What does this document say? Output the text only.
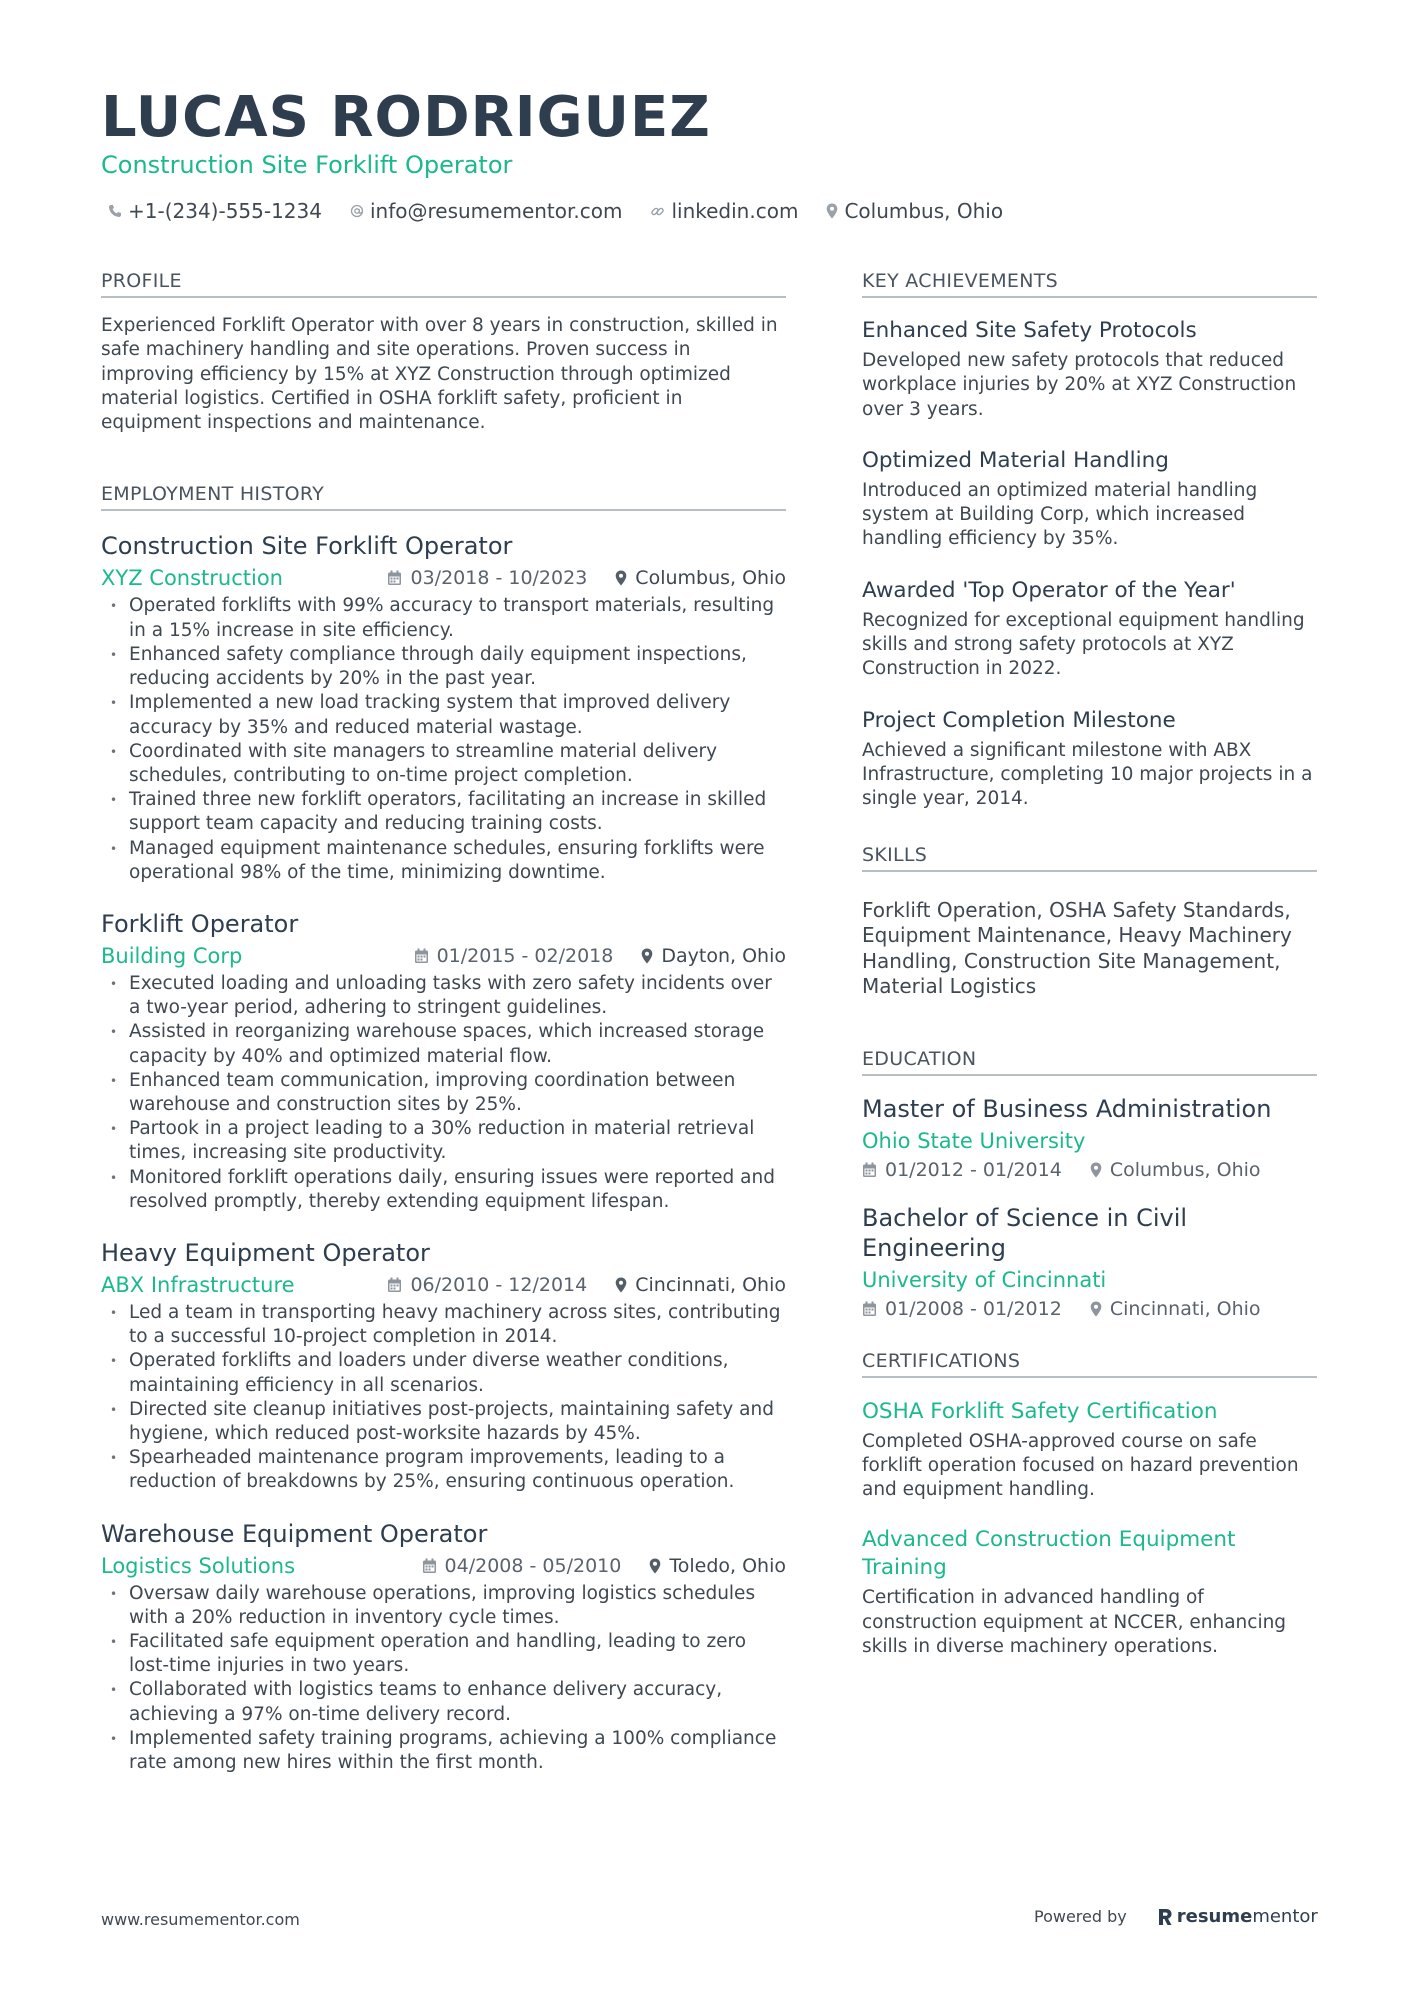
LUCAS RODRIGUEZ
Construction Site Forklift Operator
+1-(234)-555-1234 info@resumementor.com linkedin.com Columbus, Ohio
PROFILE

Experienced Forklift Operator with over 8 years in construction, skilled in safe machinery handling and site operations. Proven success in improving efficiency by 15% at XYZ Construction through optimized material logistics. Certified in OSHA forklift safety, proficient in equipment inspections and maintenance.

EMPLOYMENT HISTORY
Construction Site Forklift Operator
XYZ Construction	03/2018 - 10/2023	Columbus, Ohio
• Operated forklifts with 99% accuracy to transport materials, resulting in a 15% increase in site efficiency.
• Enhanced safety compliance through daily equipment inspections, reducing accidents by 20% in the past year.
• Implemented a new load tracking system that improved delivery accuracy by 35% and reduced material wastage.
• Coordinated with site managers to streamline material delivery schedules, contributing to on-time project completion.
• Trained three new forklift operators, facilitating an increase in skilled support team capacity and reducing training costs.
• Managed equipment maintenance schedules, ensuring forklifts were operational 98% of the time, minimizing downtime.
Forklift Operator
Building Corp	01/2015 - 02/2018	Dayton, Ohio
• Executed loading and unloading tasks with zero safety incidents over a two-year period, adhering to stringent guidelines.
• Assisted in reorganizing warehouse spaces, which increased storage capacity by 40% and optimized material flow.
• Enhanced team communication, improving coordination between warehouse and construction sites by 25%.
• Partook in a project leading to a 30% reduction in material retrieval times, increasing site productivity.
• Monitored forklift operations daily, ensuring issues were reported and resolved promptly, thereby extending equipment lifespan.
Heavy Equipment Operator
ABX Infrastructure	06/2010 - 12/2014	Cincinnati, Ohio
• Led a team in transporting heavy machinery across sites, contributing to a successful 10-project completion in 2014.
• Operated forklifts and loaders under diverse weather conditions, maintaining efficiency in all scenarios.
• Directed site cleanup initiatives post-projects, maintaining safety and hygiene, which reduced post-worksite hazards by 45%.
• Spearheaded maintenance program improvements, leading to a reduction of breakdowns by 25%, ensuring continuous operation.
Warehouse Equipment Operator
Logistics Solutions	04/2008 - 05/2010	Toledo, Ohio
• Oversaw daily warehouse operations, improving logistics schedules with a 20% reduction in inventory cycle times.
• Facilitated safe equipment operation and handling, leading to zero lost-time injuries in two years.
• Collaborated with logistics teams to enhance delivery accuracy, achieving a 97% on-time delivery record.
• Implemented safety training programs, achieving a 100% compliance rate among new hires within the first month.
KEY ACHIEVEMENTS
Enhanced Site Safety Protocols
Developed new safety protocols that reduced workplace injuries by 20% at XYZ Construction over 3 years.
Optimized Material Handling
Introduced an optimized material handling system at Building Corp, which increased handling efficiency by 35%.
Awarded 'Top Operator of the Year'
Recognized for exceptional equipment handling skills and strong safety protocols at XYZ Construction in 2022.
Project Completion Milestone
Achieved a significant milestone with ABX Infrastructure, completing 10 major projects in a single year, 2014.
SKILLS

Forklift Operation, OSHA Safety Standards, Equipment Maintenance, Heavy Machinery Handling, Construction Site Management, Material Logistics

EDUCATION
Master of Business Administration
Ohio State University
01/2012 - 01/2014	Columbus, Ohio
Bachelor of Science in Civil Engineering
University of Cincinnati
01/2008 - 01/2012	Cincinnati, Ohio
CERTIFICATIONS
OSHA Forklift Safety Certification
Completed OSHA-approved course on safe forklift operation focused on hazard prevention and equipment handling.
Advanced Construction Equipment Training
Certification in advanced handling of construction equipment at NCCER, enhancing skills in diverse machinery operations.
www.resumementor.com	Powered by	resume mentor
